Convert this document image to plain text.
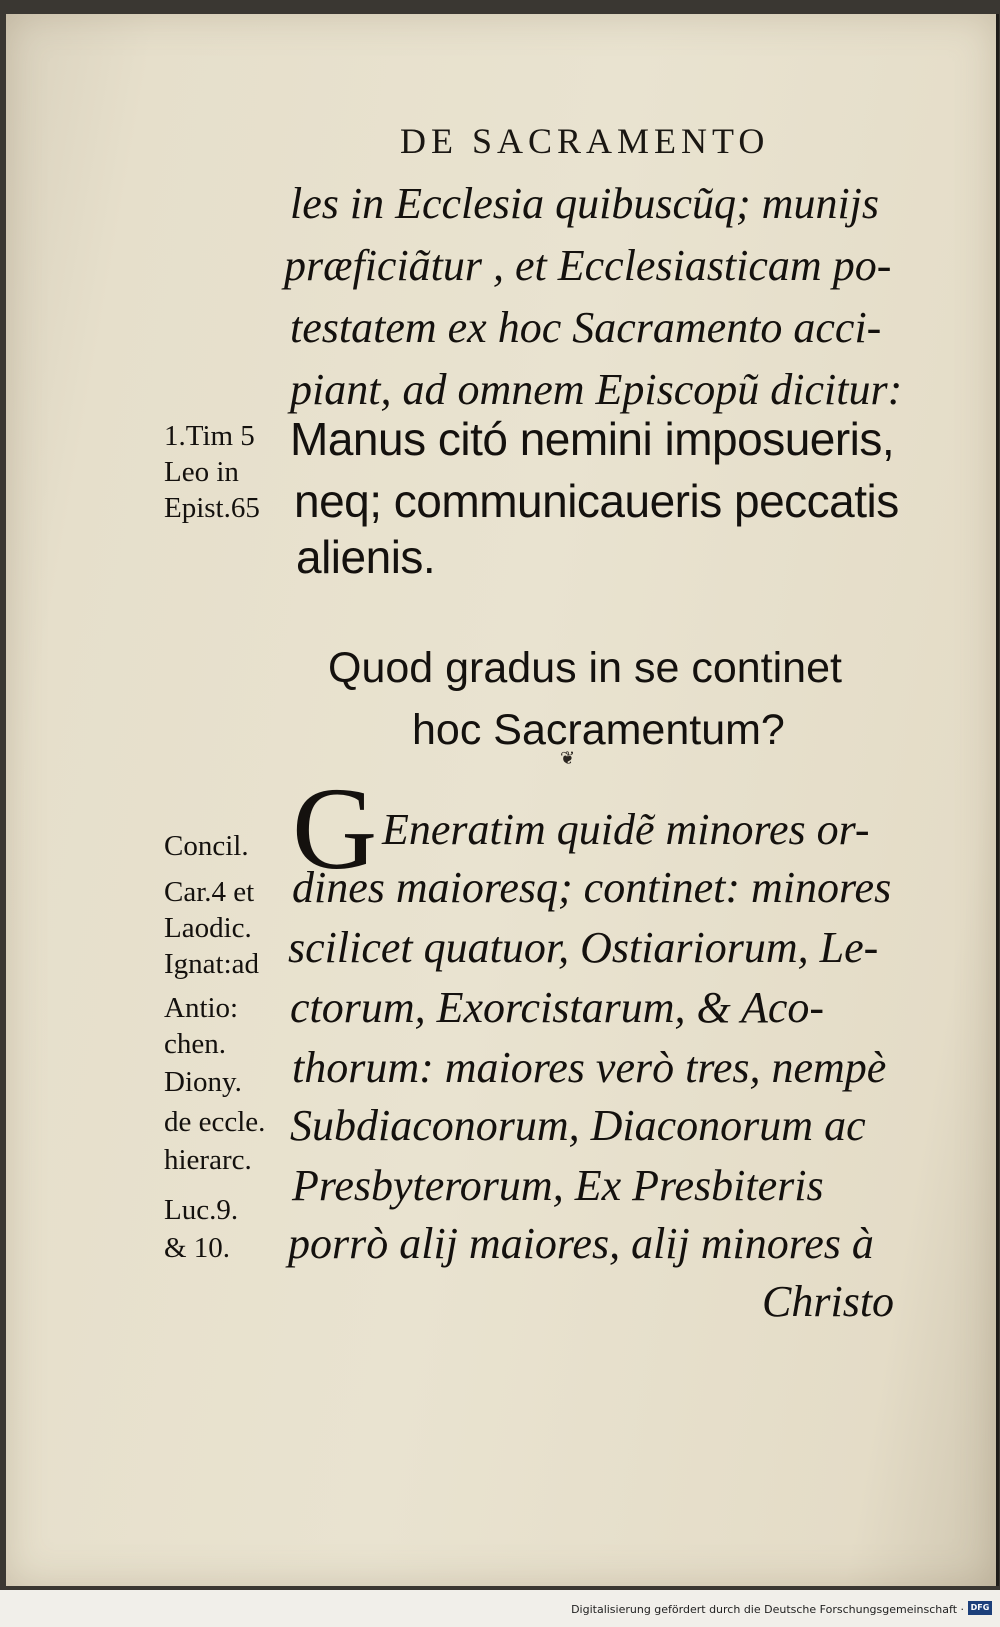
DE SACRAMENTO
les in Ecclesia quibuscũq; munijs
præficiãtur , et Ecclesiasticam po-
testatem ex hoc Sacramento acci-
piant, ad omnem Episcopũ dicitur:
Manus citó nemini imposueris,
neq; communicaueris peccatis
alienis.
1.Tim 5
Leo in
Epist.65
Quod gradus in se continet
hoc Sacramentum?
❦
G Eneratim quidẽ minores or-
dines maioresq; continet: minores
scilicet quatuor, Ostiariorum, Le-
ctorum, Exorcistarum, & Aco-
thorum: maiores verò tres, nempè
Subdiaconorum, Diaconorum ac
Presbyterorum, Ex Presbiteris
porrò alij maiores, alij minores à
Christo
Concil.
Car.4 et
Laodic.
Ignat:ad
Antio:
chen.
Diony.
de eccle.
hierarc.
Luc.9.
& 10.
Digitalisierung gefördert durch die Deutsche Forschungsgemeinschaft · DFG
